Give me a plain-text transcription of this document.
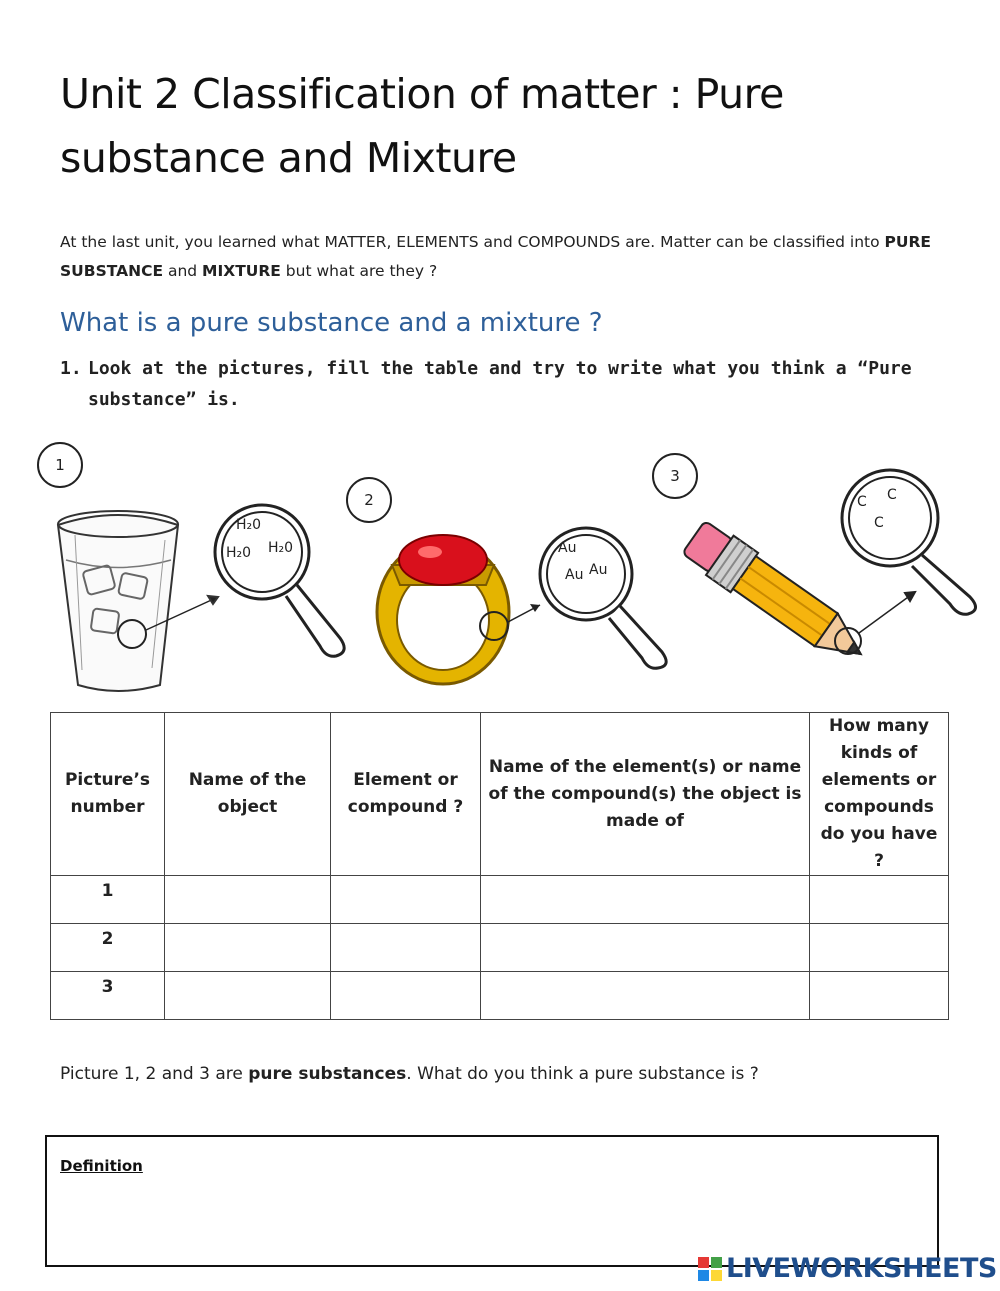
Unit 2 Classification of matter : Pure
substance and Mixture
At the last unit, you learned what MATTER, ELEMENTS and COMPOUNDS are. Matter can be classified into PURE SUBSTANCE and MIXTURE but what are they ?
What is a pure substance and a mixture ?
1. Look at the pictures, fill the table and try to write what you think a “Pure
substance” is.
1
2
3
H₂0
H₂0 H₂0	Au
Au Au
C C
C
Picture’s number	Name of the object	Element or compound ?	Name of the element(s) or name of the compound(s) the object is made of	How many kinds of elements or compounds do you have ?
1				
2				
3				
Picture 1, 2 and 3 are pure substances. What do you think a pure substance is ?
Definition
LIVEWORKSHEETS
